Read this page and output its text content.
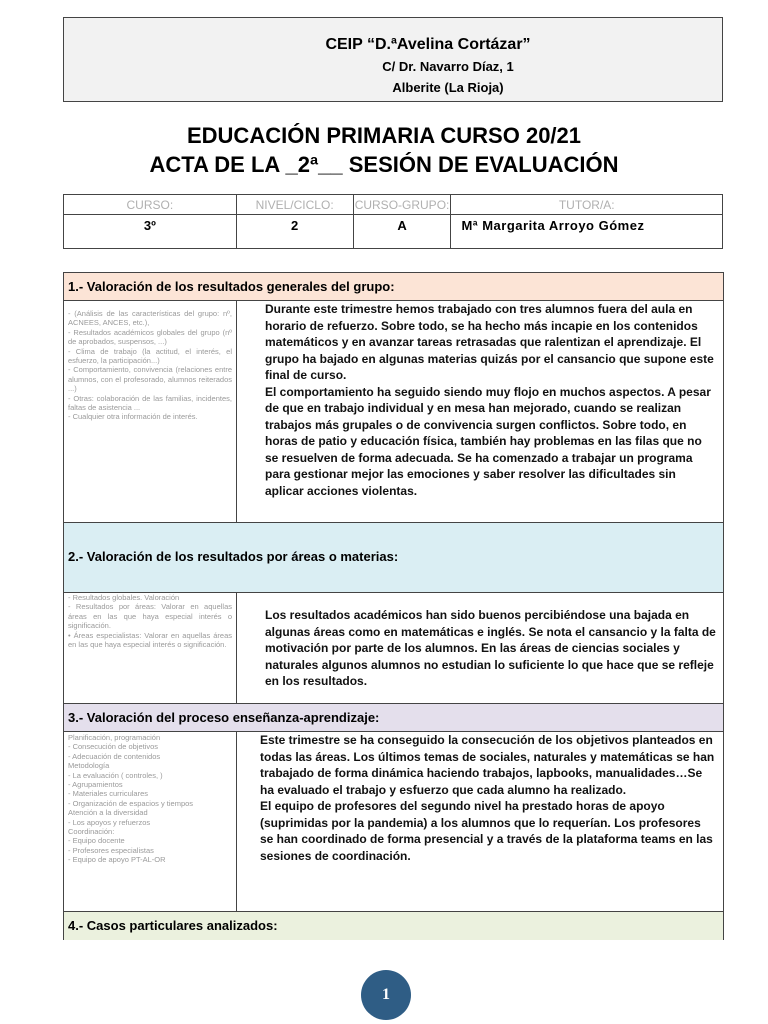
CEIP “D.ªAvelina Cortázar”
C/ Dr. Navarro Díaz, 1
Alberite (La Rioja)
EDUCACIÓN PRIMARIA CURSO 20/21
ACTA DE LA _2ª__ SESIÓN DE EVALUACIÓN
CURSO:	NIVEL/CICLO:	CURSO-GRUPO:	TUTOR/A:
3º	2	A	Mª Margarita Arroyo Gómez
1.- Valoración de los resultados generales del grupo:
- (Análisis de las características del grupo: nº, ACNEES, ANCES, etc.),
- Resultados académicos globales del grupo (nº de aprobados, suspensos, ...)
- Clima de trabajo (la actitud, el interés, el esfuerzo, la participación...)
- Comportamiento, convivencia (relaciones entre alumnos, con el profesorado, alumnos reiterados ...)
- Otras: colaboración de las familias, incidentes, faltas de asistencia ...
- Cualquier otra información de interés.
Durante este trimestre hemos trabajado con tres alumnos fuera del aula en horario de refuerzo. Sobre todo, se ha hecho más incapie en los contenidos matemáticos y en avanzar tareas retrasadas que ralentizan el aprendizaje. El grupo ha bajado en algunas materias quizás por el cansancio que supone este final de curso.
El comportamiento ha seguido siendo muy flojo en muchos aspectos. A pesar de que en trabajo individual y en mesa han mejorado, cuando se realizan trabajos más grupales o de convivencia surgen conflictos. Sobre todo, en horas de patio y educación física, también hay problemas en las filas que no se resuelven de forma adecuada. Se ha comenzado a trabajar un programa para gestionar mejor las emociones y saber resolver las dificultades sin aplicar acciones violentas.
2.- Valoración de los resultados por áreas o materias:
- Resultados globales. Valoración
- Resultados por áreas: Valorar en aquellas áreas en las que haya especial interés o significación.
• Áreas especialistas: Valorar en aquellas áreas en las que haya especial interés o significación.
Los resultados académicos han sido buenos percibiéndose una bajada en algunas áreas como en matemáticas e inglés. Se nota el cansancio y la falta de motivación por parte de los alumnos. En las áreas de ciencias sociales y naturales algunos alumnos no estudian lo suficiente lo que hace que se refleje en los resultados.
3.- Valoración del proceso enseñanza-aprendizaje:
Planificación, programación
- Consecución de objetivos
- Adecuación de contenidos
Metodología
- La evaluación ( controles, )
- Agrupamientos
- Materiales curriculares
- Organización de espacios y tiempos
Atención a la diversidad
- Los apoyos y refuerzos
Coordinación:
- Equipo docente
- Profesores especialistas
- Equipo de apoyo PT-AL-OR
Este trimestre se ha conseguido la consecución de los objetivos planteados en todas las áreas. Los últimos temas de sociales, naturales y matemáticas se han trabajado de forma dinámica haciendo trabajos, lapbooks, manualidades…Se ha evaluado el trabajo y esfuerzo que cada alumno ha realizado.
El equipo de profesores del segundo nivel ha prestado horas de apoyo (suprimidas por la pandemia) a los alumnos que lo requerían. Los profesores se han coordinado de forma presencial y a través de la plataforma teams en las sesiones de coordinación.
4.- Casos particulares analizados:
1
